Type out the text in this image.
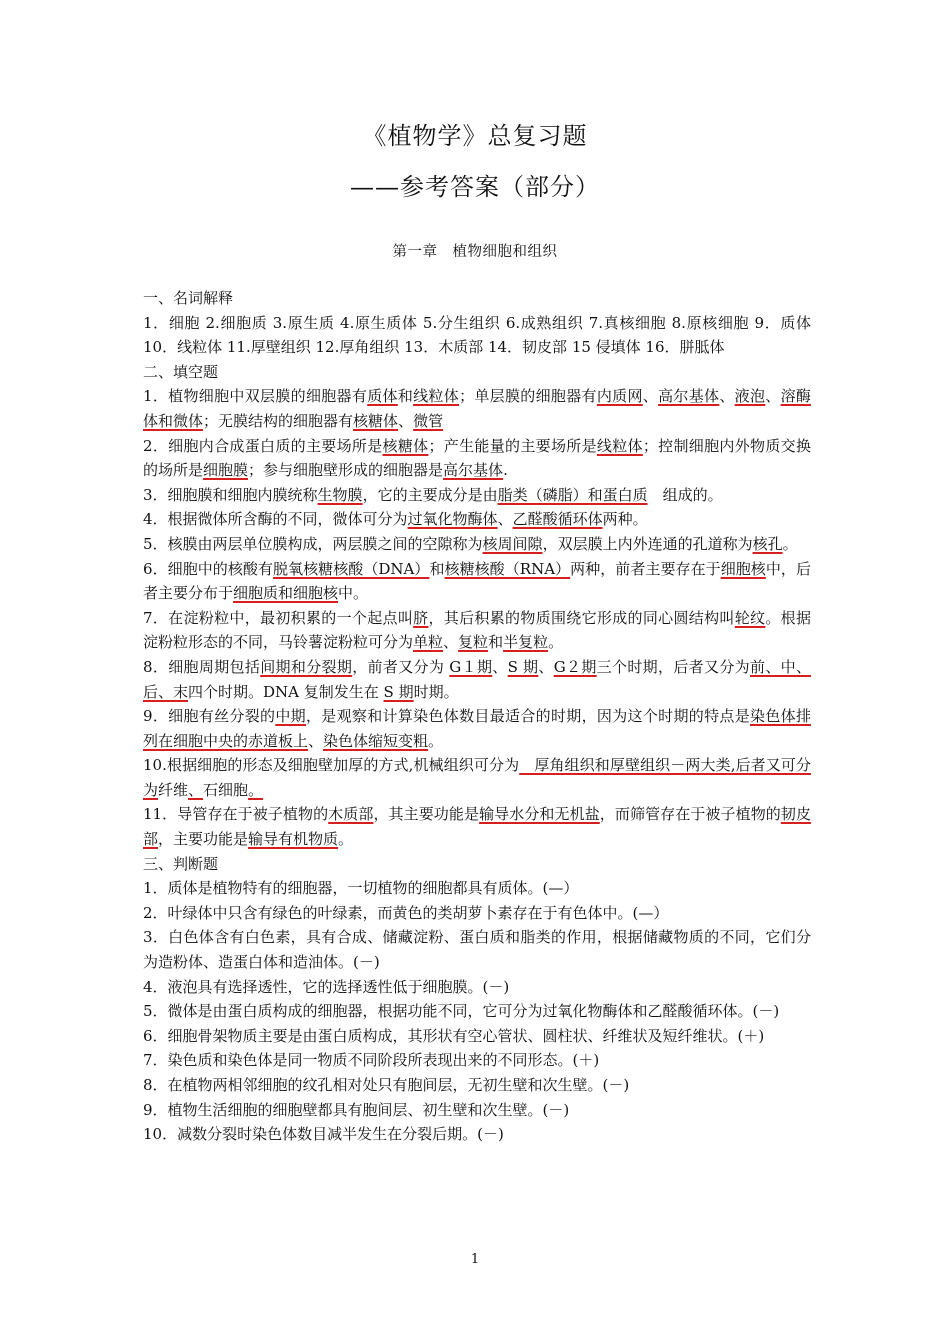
《植物学》总复习题
——参考答案（部分）
第一章　植物细胞和组织

一、名词解释

1．细胞 2.细胞质 3.原生质 4.原生质体 5.分生组织 6.成熟组织 7.真核细胞 8.原核细胞 9．质体 10．线粒体 11.厚壁组织 12.厚角组织 13．木质部 14．韧皮部 15 侵填体 16．胼胝体

二、填空题

1．植物细胞中双层膜的细胞器有质体和线粒体；单层膜的细胞器有内质网、高尔基体、液泡、溶酶体和微体；无膜结构的细胞器有核糖体、微管

2．细胞内合成蛋白质的主要场所是核糖体；产生能量的主要场所是线粒体；控制细胞内外物质交换的场所是细胞膜；参与细胞壁形成的细胞器是高尔基体.

3．细胞膜和细胞内膜统称生物膜，它的主要成分是由脂类（磷脂）和蛋白质　组成的。

4．根据微体所含酶的不同，微体可分为过氧化物酶体、乙醛酸循环体两种。

5．核膜由两层单位膜构成，两层膜之间的空隙称为核周间隙，双层膜上内外连通的孔道称为核孔。

6．细胞中的核酸有脱氧核糖核酸（DNA）和核糖核酸（RNA）两种，前者主要存在于细胞核中，后者主要分布于细胞质和细胞核中。

7．在淀粉粒中，最初积累的一个起点叫脐，其后积累的物质围绕它形成的同心圆结构叫轮纹。根据淀粉粒形态的不同，马铃薯淀粉粒可分为单粒、复粒和半复粒。

8．细胞周期包括间期和分裂期，前者又分为 G１期、S 期、G２期三个时期，后者又分为前、中、后、末四个时期。DNA 复制发生在 S 期时期。

9．细胞有丝分裂的中期，是观察和计算染色体数目最适合的时期，因为这个时期的特点是染色体排列在细胞中央的赤道板上、染色体缩短变粗。

10.根据细胞的形态及细胞壁加厚的方式,机械组织可分为　厚角组织和厚壁组织－两大类,后者又可分为纤维、石细胞。

11．导管存在于被子植物的木质部，其主要功能是输导水分和无机盐，而筛管存在于被子植物的韧皮部，主要功能是输导有机物质。

三、判断题

1．质体是植物特有的细胞器，一切植物的细胞都具有质体。(—）

2．叶绿体中只含有绿色的叶绿素，而黄色的类胡萝卜素存在于有色体中。(—）

3．白色体含有白色素，具有合成、储藏淀粉、蛋白质和脂类的作用，根据储藏物质的不同，它们分为造粉体、造蛋白体和造油体。(－)

4．液泡具有选择透性，它的选择透性低于细胞膜。(－)

5．微体是由蛋白质构成的细胞器，根据功能不同，它可分为过氧化物酶体和乙醛酸循环体。(－)

6．细胞骨架物质主要是由蛋白质构成，其形状有空心管状、圆柱状、纤维状及短纤维状。(＋)

7．染色质和染色体是同一物质不同阶段所表现出来的不同形态。(＋)

8．在植物两相邻细胞的纹孔相对处只有胞间层，无初生壁和次生壁。(－)

9．植物生活细胞的细胞壁都具有胞间层、初生壁和次生壁。(－)

10．减数分裂时染色体数目减半发生在分裂后期。(－)

1
